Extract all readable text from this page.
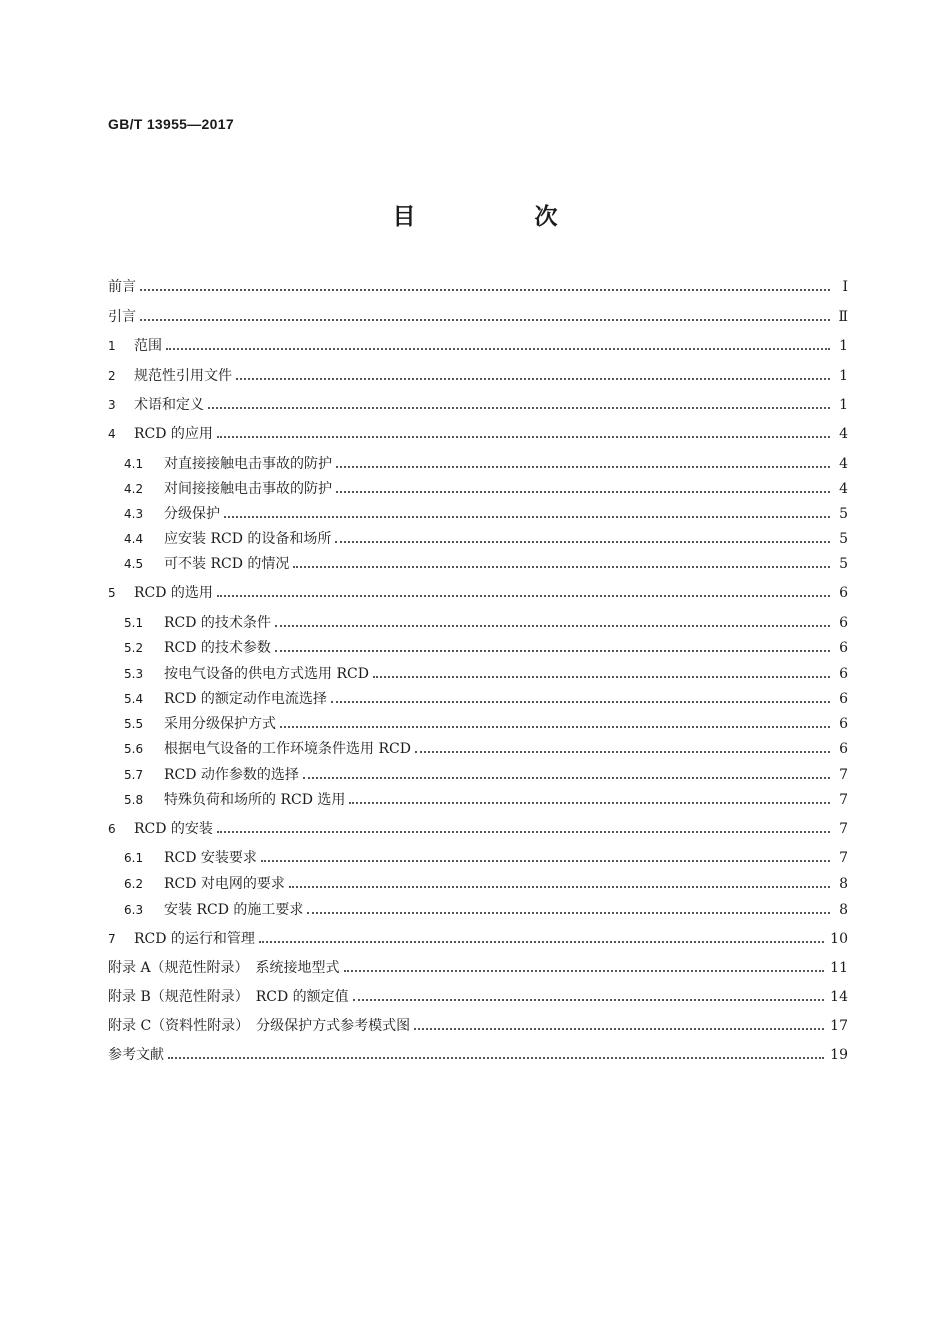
GB/T 13955—2017
目　次
前言	Ⅰ
引言	Ⅱ
1	范围	1
2	规范性引用文件	1
3	术语和定义	1
4	RCD 的应用	4
4.1	对直接接触电击事故的防护	4
4.2	对间接接触电击事故的防护	4
4.3	分级保护	5
4.4	应安装 RCD 的设备和场所	5
4.5	可不装 RCD 的情况	5
5	RCD 的选用	6
5.1	RCD 的技术条件	6
5.2	RCD 的技术参数	6
5.3	按电气设备的供电方式选用 RCD	6
5.4	RCD 的额定动作电流选择	6
5.5	采用分级保护方式	6
5.6	根据电气设备的工作环境条件选用 RCD	6
5.7	RCD 动作参数的选择	7
5.8	特殊负荷和场所的 RCD 选用	7
6	RCD 的安装	7
6.1	RCD 安装要求	7
6.2	RCD 对电网的要求	8
6.3	安装 RCD 的施工要求	8
7	RCD 的运行和管理	10
附录 A（规范性附录）　系统接地型式	11
附录 B（规范性附录）　RCD 的额定值	14
附录 C（资料性附录）　分级保护方式参考模式图	17
参考文献	19
